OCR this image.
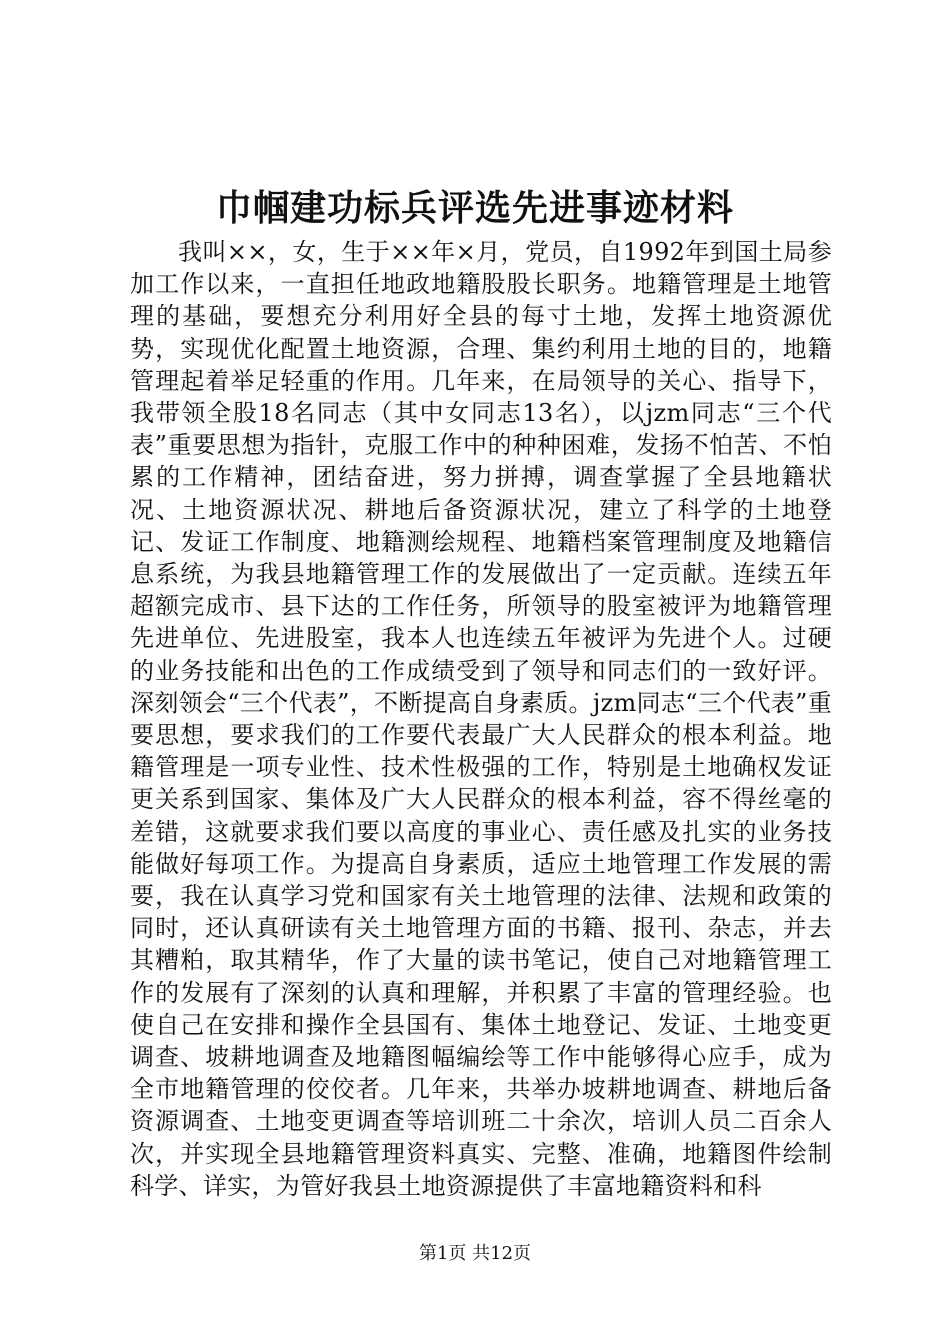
巾帼建功标兵评选先进事迹材料

我叫××，女，生于××年×月，党员，自1992年到国土局参加工作以来，一直担任地政地籍股股长职务。地籍管理是土地管理的基础，要想充分利用好全县的每寸土地，发挥土地资源优势，实现优化配置土地资源，合理、集约利用土地的目的，地籍管理起着举足轻重的作用。几年来，在局领导的关心、指导下，我带领全股18名同志（其中女同志13名），以jzm同志“三个代表”重要思想为指针，克服工作中的种种困难，发扬不怕苦、不怕累的工作精神，团结奋进，努力拼搏，调查掌握了全县地籍状况、土地资源状况、耕地后备资源状况，建立了科学的土地登记、发证工作制度、地籍测绘规程、地籍档案管理制度及地籍信息系统，为我县地籍管理工作的发展做出了一定贡献。连续五年超额完成市、县下达的工作任务，所领导的股室被评为地籍管理先进单位、先进股室，我本人也连续五年被评为先进个人。过硬的业务技能和出色的工作成绩受到了领导和同志们的一致好评。深刻领会“三个代表”，不断提高自身素质。jzm同志“三个代表”重要思想，要求我们的工作要代表最广大人民群众的根本利益。地籍管理是一项专业性、技术性极强的工作，特别是土地确权发证更关系到国家、集体及广大人民群众的根本利益，容不得丝毫的差错，这就要求我们要以高度的事业心、责任感及扎实的业务技能做好每项工作。为提高自身素质，适应土地管理工作发展的需要，我在认真学习党和国家有关土地管理的法律、法规和政策的同时，还认真研读有关土地管理方面的书籍、报刊、杂志，并去其糟粕，取其精华，作了大量的读书笔记，使自己对地籍管理工作的发展有了深刻的认真和理解，并积累了丰富的管理经验。也使自己在安排和操作全县国有、集体土地登记、发证、土地变更调查、坡耕地调查及地籍图幅编绘等工作中能够得心应手，成为全市地籍管理的佼佼者。几年来，共举办坡耕地调查、耕地后备资源调查、土地变更调查等培训班二十余次，培训人员二百余人次，并实现全县地籍管理资料真实、完整、准确，地籍图件绘制科学、详实，为管好我县土地资源提供了丰富地籍资料和科

第1页 共12页
